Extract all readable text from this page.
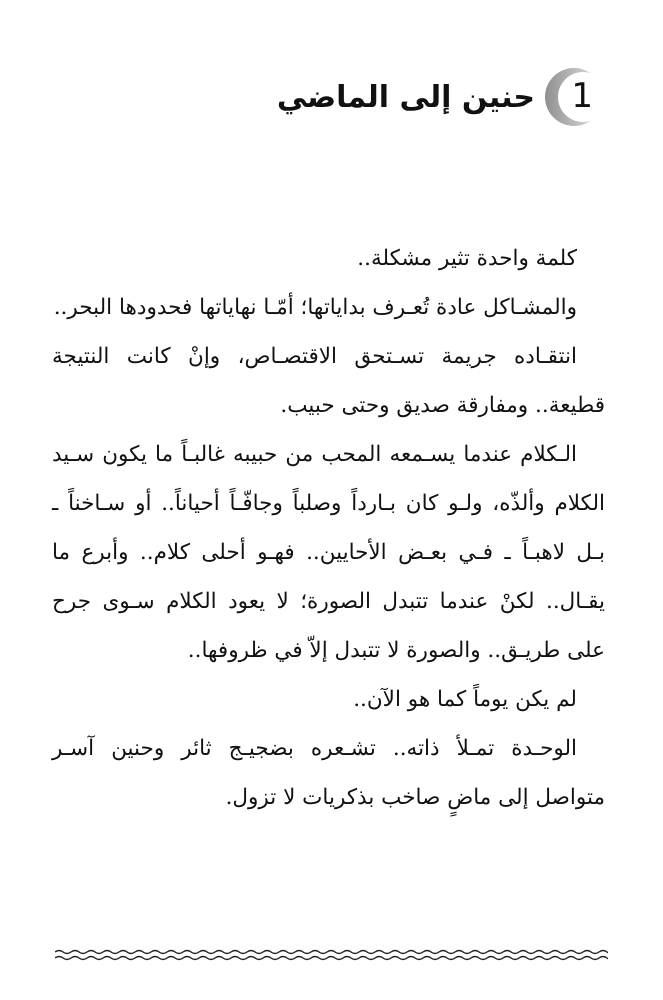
1
حنين إلى الماضي

كلمة واحدة تثير مشكلة..

والمشـاكل عادة تُعـرف بداياتها؛ أمّـا نهاياتها فحدودها البحر..

انتقـاده جريمة تسـتحق الاقتصـاص، وإنْ كانت النتيجة قطيعة.. ومفارقة صديق وحتى حبيب.

الـكلام عندما يسـمعه المحب من حبيبه غالبـاً ما يكون سـيد الكلام وألذّه، ولـو كان بـارداً وصلباً وجافّـاً أحياناً.. أو سـاخناً ـ بـل لاهبـاً ـ فـي بعـض الأحايين.. فهـو أحلى كلام.. وأبرع ما يقـال.. لكنْ عندما تتبدل الصورة؛ لا يعود الكلام سـوى جرح على طريـق.. والصورة لا تتبدل إلاّ في ظروفها..

لم يكن يوماً كما هو الآن..

الوحـدة تمـلأ ذاته.. تشـعره بضجيـج ثائر وحنين آسـر متواصل إلى ماضٍ صاخب بذكريات لا تزول.
